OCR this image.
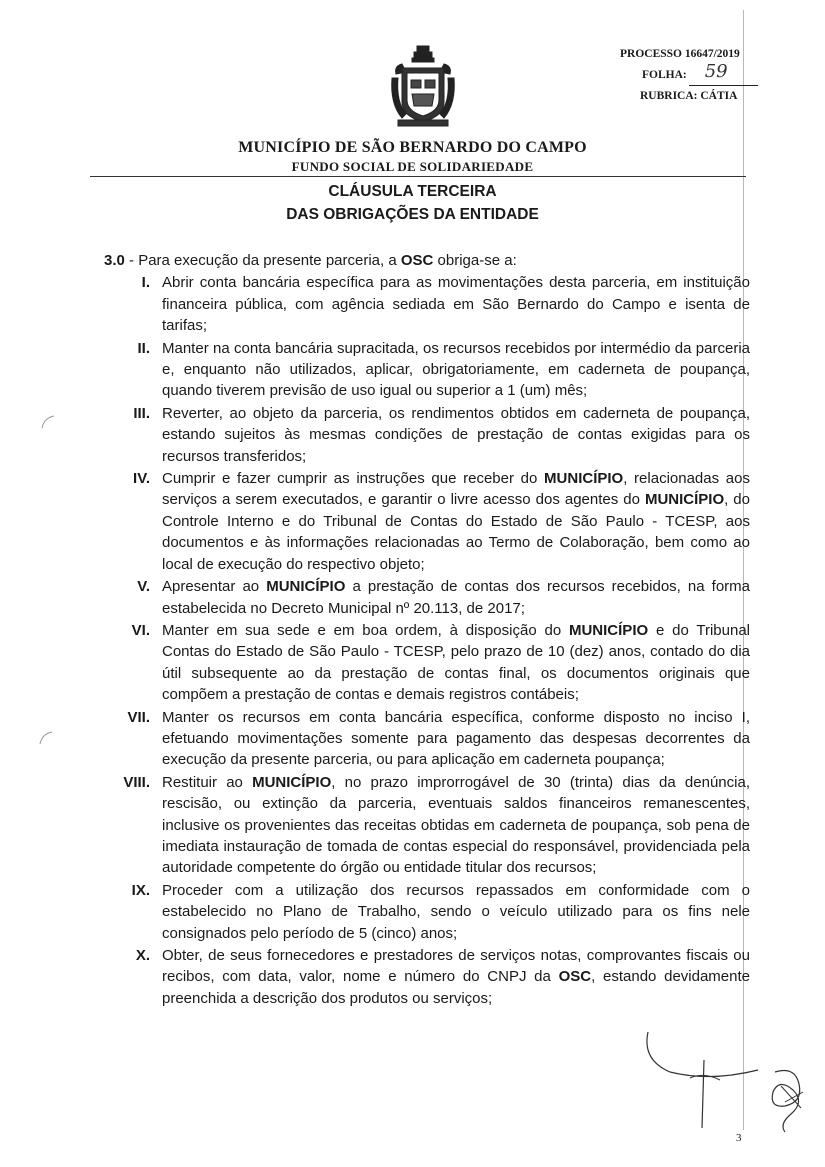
PROCESSO 16647/2019
FOLHA: 59
RUBRICA: CÁTIA
MUNICÍPIO DE SÃO BERNARDO DO CAMPO
FUNDO SOCIAL DE SOLIDARIEDADE
CLÁUSULA TERCEIRA
DAS OBRIGAÇÕES DA ENTIDADE

3.0 - Para execução da presente parceria, a OSC obriga-se a:

I. Abrir conta bancária específica para as movimentações desta parceria, em instituição financeira pública, com agência sediada em São Bernardo do Campo e isenta de tarifas;
II. Manter na conta bancária supracitada, os recursos recebidos por intermédio da parceria e, enquanto não utilizados, aplicar, obrigatoriamente, em caderneta de poupança, quando tiverem previsão de uso igual ou superior a 1 (um) mês;
III. Reverter, ao objeto da parceria, os rendimentos obtidos em caderneta de poupança, estando sujeitos às mesmas condições de prestação de contas exigidas para os recursos transferidos;
IV. Cumprir e fazer cumprir as instruções que receber do MUNICÍPIO, relacionadas aos serviços a serem executados, e garantir o livre acesso dos agentes do MUNICÍPIO, do Controle Interno e do Tribunal de Contas do Estado de São Paulo - TCESP, aos documentos e às informações relacionadas ao Termo de Colaboração, bem como ao local de execução do respectivo objeto;
V. Apresentar ao MUNICÍPIO a prestação de contas dos recursos recebidos, na forma estabelecida no Decreto Municipal nº 20.113, de 2017;
VI. Manter em sua sede e em boa ordem, à disposição do MUNICÍPIO e do Tribunal Contas do Estado de São Paulo - TCESP, pelo prazo de 10 (dez) anos, contado do dia útil subsequente ao da prestação de contas final, os documentos originais que compõem a prestação de contas e demais registros contábeis;
VII. Manter os recursos em conta bancária específica, conforme disposto no inciso I, efetuando movimentações somente para pagamento das despesas decorrentes da execução da presente parceria, ou para aplicação em caderneta poupança;
VIII. Restituir ao MUNICÍPIO, no prazo improrrogável de 30 (trinta) dias da denúncia, rescisão, ou extinção da parceria, eventuais saldos financeiros remanescentes, inclusive os provenientes das receitas obtidas em caderneta de poupança, sob pena de imediata instauração de tomada de contas especial do responsável, providenciada pela autoridade competente do órgão ou entidade titular dos recursos;
IX. Proceder com a utilização dos recursos repassados em conformidade com o estabelecido no Plano de Trabalho, sendo o veículo utilizado para os fins nele consignados pelo período de 5 (cinco) anos;
X. Obter, de seus fornecedores e prestadores de serviços notas, comprovantes fiscais ou recibos, com data, valor, nome e número do CNPJ da OSC, estando devidamente preenchida a descrição dos produtos ou serviços;
3
